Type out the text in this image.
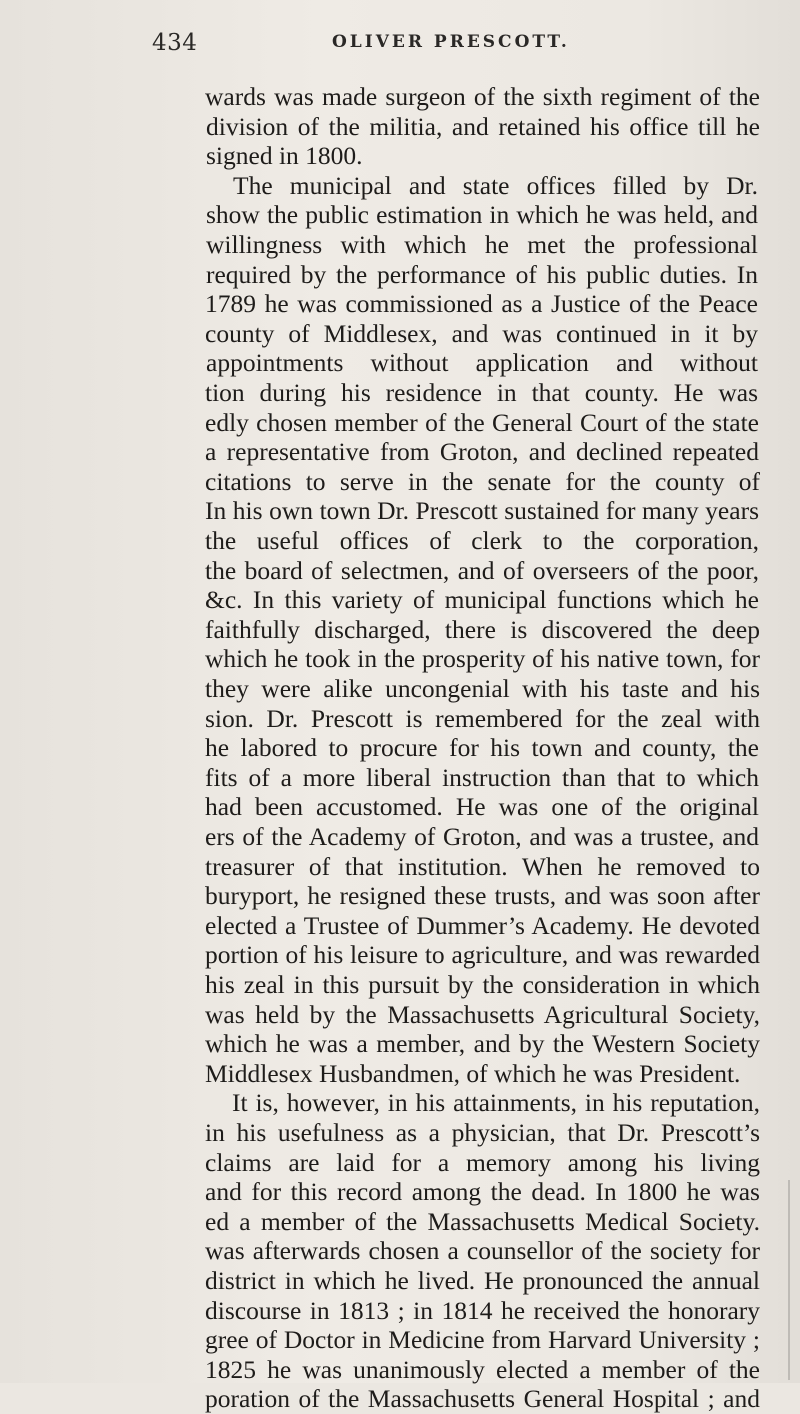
434	OLIVER PRESCOTT.
wards was made surgeon of the sixth regiment of the
division of the militia, and retained his office till he
signed in 1800.
The municipal and state offices filled by Dr.
show the public estimation in which he was held, and
willingness with which he met the professional
required by the performance of his public duties. In
1789 he was commissioned as a Justice of the Peace
county of Middlesex, and was continued in it by
appointments without application and without
tion during his residence in that county. He was
edly chosen member of the General Court of the state
a representative from Groton, and declined repeated
citations to serve in the senate for the county of
In his own town Dr. Prescott sustained for many years
the useful offices of clerk to the corporation,
the board of selectmen, and of overseers of the poor,
&c. In this variety of municipal functions which he
faithfully discharged, there is discovered the deep
which he took in the prosperity of his native town, for
they were alike uncongenial with his taste and his
sion. Dr. Prescott is remembered for the zeal with
he labored to procure for his town and county, the
fits of a more liberal instruction than that to which
had been accustomed. He was one of the original
ers of the Academy of Groton, and was a trustee, and
treasurer of that institution. When he removed to
buryport, he resigned these trusts, and was soon after
elected a Trustee of Dummer’s Academy. He devoted
portion of his leisure to agriculture, and was rewarded
his zeal in this pursuit by the consideration in which
was held by the Massachusetts Agricultural Society,
which he was a member, and by the Western Society
Middlesex Husbandmen, of which he was President.
It is, however, in his attainments, in his reputation,
in his usefulness as a physician, that Dr. Prescott’s
claims are laid for a memory among his living
and for this record among the dead. In 1800 he was
ed a member of the Massachusetts Medical Society.
was afterwards chosen a counsellor of the society for
district in which he lived. He pronounced the annual
discourse in 1813 ; in 1814 he received the honorary
gree of Doctor in Medicine from Harvard University ;
1825 he was unanimously elected a member of the
poration of the Massachusetts General Hospital ; and
